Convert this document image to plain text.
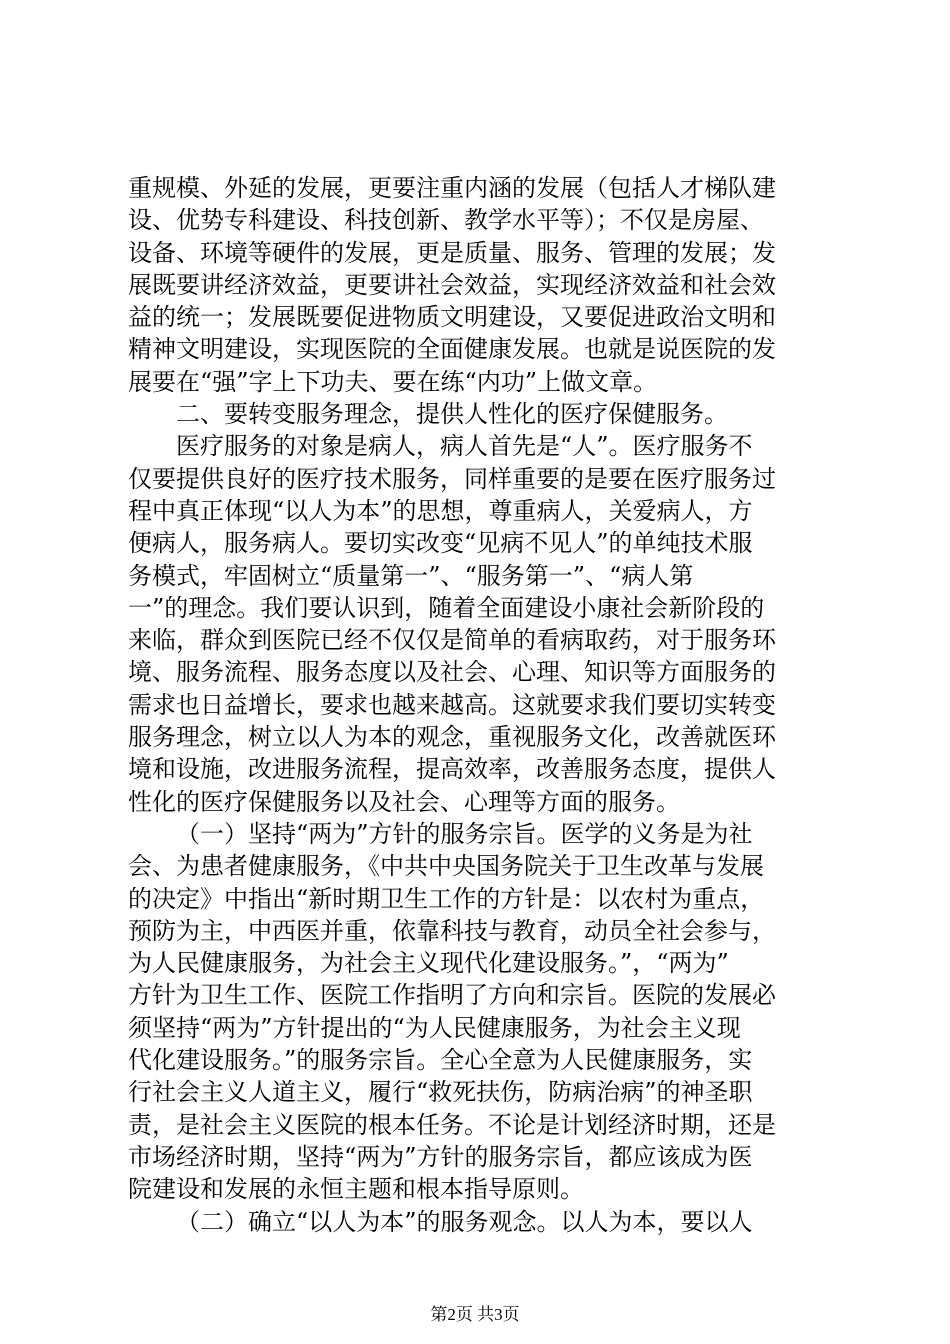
重规模、外延的发展，更要注重内涵的发展（包括人才梯队建

设、优势专科建设、科技创新、教学水平等）；不仅是房屋、

设备、环境等硬件的发展，更是质量、服务、管理的发展；发

展既要讲经济效益，更要讲社会效益，实现经济效益和社会效

益的统一；发展既要促进物质文明建设，又要促进政治文明和

精神文明建设，实现医院的全面健康发展。也就是说医院的发

展要在“强”字上下功夫、要在练“内功”上做文章。

二、要转变服务理念，提供人性化的医疗保健服务。

医疗服务的对象是病人，病人首先是“人”。医疗服务不

仅要提供良好的医疗技术服务，同样重要的是要在医疗服务过

程中真正体现“以人为本”的思想，尊重病人，关爱病人，方

便病人，服务病人。要切实改变“见病不见人”的单纯技术服

务模式，牢固树立“质量第一”、“服务第一”、“病人第

一”的理念。我们要认识到，随着全面建设小康社会新阶段的

来临，群众到医院已经不仅仅是简单的看病取药，对于服务环

境、服务流程、服务态度以及社会、心理、知识等方面服务的

需求也日益增长，要求也越来越高。这就要求我们要切实转变

服务理念，树立以人为本的观念，重视服务文化，改善就医环

境和设施，改进服务流程，提高效率，改善服务态度，提供人

性化的医疗保健服务以及社会、心理等方面的服务。

（一）坚持“两为”方针的服务宗旨。医学的义务是为社

会、为患者健康服务，《中共中央国务院关于卫生改革与发展

的决定》中指出“新时期卫生工作的方针是：以农村为重点，

预防为主，中西医并重，依靠科技与教育，动员全社会参与，

为人民健康服务，为社会主义现代化建设服务。”，“两为”

方针为卫生工作、医院工作指明了方向和宗旨。医院的发展必

须坚持“两为”方针提出的“为人民健康服务，为社会主义现

代化建设服务。”的服务宗旨。全心全意为人民健康服务，实

行社会主义人道主义，履行“救死扶伤，防病治病”的神圣职

责，是社会主义医院的根本任务。不论是计划经济时期，还是

市场经济时期，坚持“两为”方针的服务宗旨，都应该成为医

院建设和发展的永恒主题和根本指导原则。

（二）确立“以人为本”的服务观念。以人为本，要以人

第2页 共3页
